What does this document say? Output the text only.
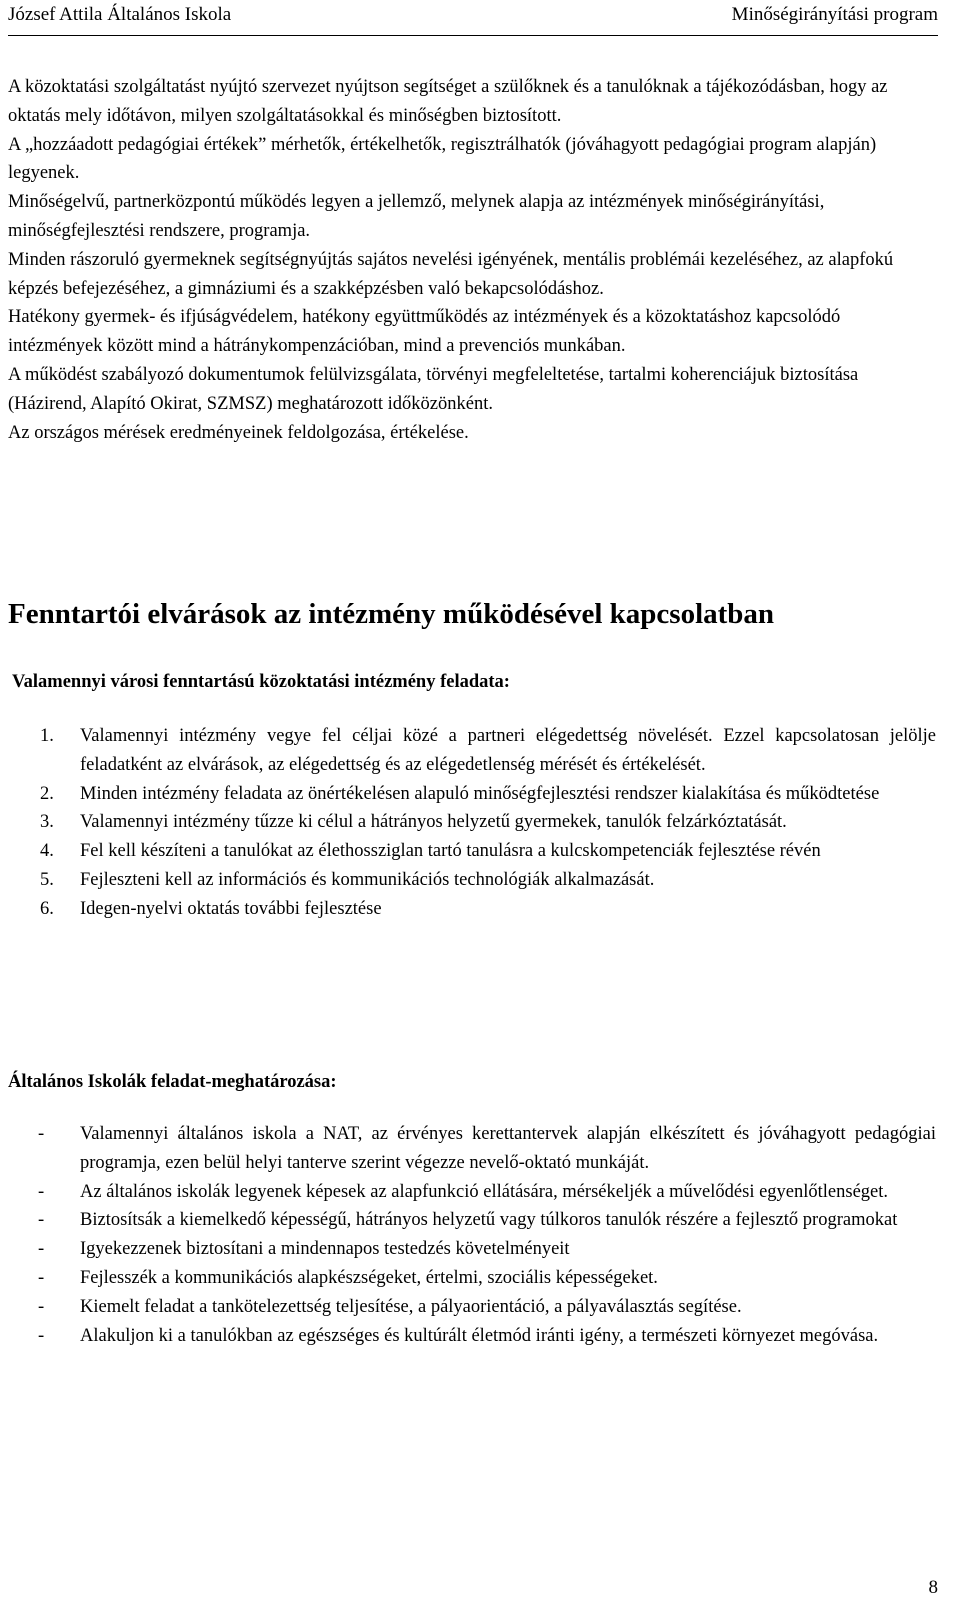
József Attila Általános Iskola	Minőségirányítási program

A közoktatási szolgáltatást nyújtó szervezet nyújtson segítséget a szülőknek és a tanulóknak a tájékozódásban, hogy az oktatás mely időtávon, milyen szolgáltatásokkal és minőségben biztosított.

A „hozzáadott pedagógiai értékek” mérhetők, értékelhetők, regisztrálhatók (jóváhagyott pedagógiai program alapján) legyenek.

Minőségelvű, partnerközpontú működés legyen a jellemző, melynek alapja az intézmények minőségirányítási, minőségfejlesztési rendszere, programja.

Minden rászoruló gyermeknek segítségnyújtás sajátos nevelési igényének, mentális problémái kezeléséhez, az alapfokú képzés befejezéséhez, a gimnáziumi és a szakképzésben való bekapcsolódáshoz.

Hatékony gyermek- és ifjúságvédelem, hatékony együttműködés az intézmények és a közoktatáshoz kapcsolódó intézmények között mind a hátránykompenzációban, mind a prevenciós munkában.

A működést szabályozó dokumentumok felülvizsgálata, törvényi megfeleltetése, tartalmi koherenciájuk biztosítása (Házirend, Alapító Okirat, SZMSZ) meghatározott időközönként.

Az országos mérések eredményeinek feldolgozása, értékelése.

Fenntartói elvárások az intézmény működésével kapcsolatban
Valamennyi városi fenntartású közoktatási intézmény feladata:
1.	Valamennyi intézmény vegye fel céljai közé a partneri elégedettség növelését. Ezzel kapcsolatosan jelölje feladatként az elvárások, az elégedettség és az elégedetlenség mérését és értékelését.
2.	Minden intézmény feladata az önértékelésen alapuló minőségfejlesztési rendszer kialakítása és működtetése
3.	Valamennyi intézmény tűzze ki célul a hátrányos helyzetű gyermekek, tanulók felzárkóztatását.
4.	Fel kell készíteni a tanulókat az élethossziglan tartó tanulásra a kulcskompetenciák fejlesztése révén
5.	Fejleszteni kell az információs és kommunikációs technológiák alkalmazását.
6.	Idegen-nyelvi oktatás további fejlesztése
Általános Iskolák feladat-meghatározása:
-	Valamennyi általános iskola a NAT, az érvényes kerettantervek alapján elkészített és jóváhagyott pedagógiai programja, ezen belül helyi tanterve szerint végezze nevelő-oktató munkáját.
-	Az általános iskolák legyenek képesek az alapfunkció ellátására, mérsékeljék a művelődési egyenlőtlenséget.
-	Biztosítsák a kiemelkedő képességű, hátrányos helyzetű vagy túlkoros tanulók részére a fejlesztő programokat
-	Igyekezzenek biztosítani a mindennapos testedzés követelményeit
-	Fejlesszék a kommunikációs alapkészségeket, értelmi, szociális képességeket.
-	Kiemelt feladat a tankötelezettség teljesítése, a pályaorientáció, a pályaválasztás segítése.
-	Alakuljon ki a tanulókban az egészséges és kultúrált életmód iránti igény, a természeti környezet megóvása.
8
